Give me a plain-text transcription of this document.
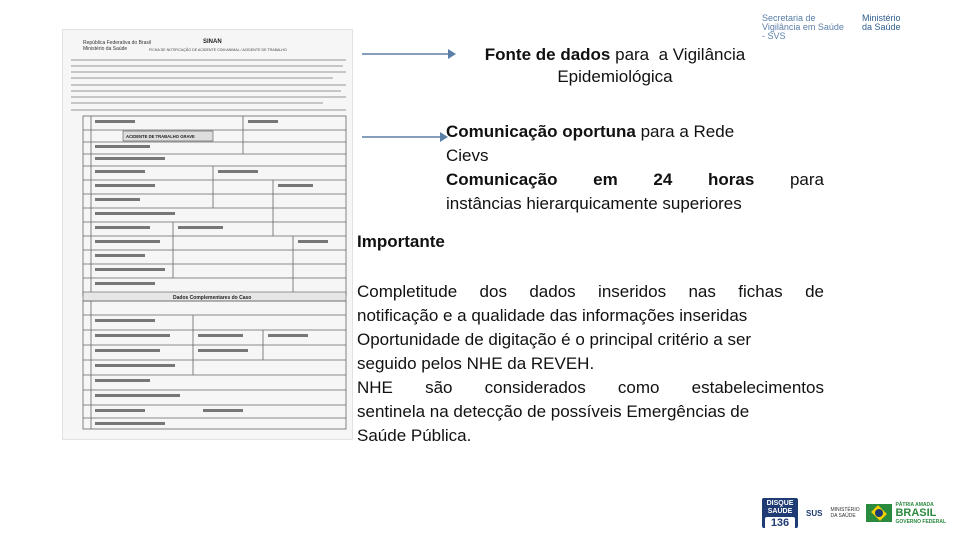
Secretaria de Vigilância em Saúde - SVS
Ministério da Saúde
República Federativa do Brasil
Ministério da Saúde
SINAN
FICHA DE NOTIFICAÇÃO DE ACIDENTE COM ANIMAL / ACIDENTE DE TRABALHO
ACIDENTE DE TRABALHO GRAVE
Dados Complementares do Caso
Fonte de dados para  a Vigilância
Epidemiológica
Comunicação oportuna para a Rede
Cievs
Comunicação em 24 horas para
instâncias hierarquicamente superiores
Importante
Completitude dos dados inseridos nas fichas de
notificação e a qualidade das informações inseridas
Oportunidade de digitação é o principal critério a ser
seguido pelos NHE da REVEH.
NHE são considerados como estabelecimentos
sentinela na detecção de possíveis Emergências de
Saúde Pública.
DISQUE SAÚDE
136
SUS MINISTÉRIO DA SAÚDE
PÁTRIA AMADA
BRASIL
GOVERNO FEDERAL
